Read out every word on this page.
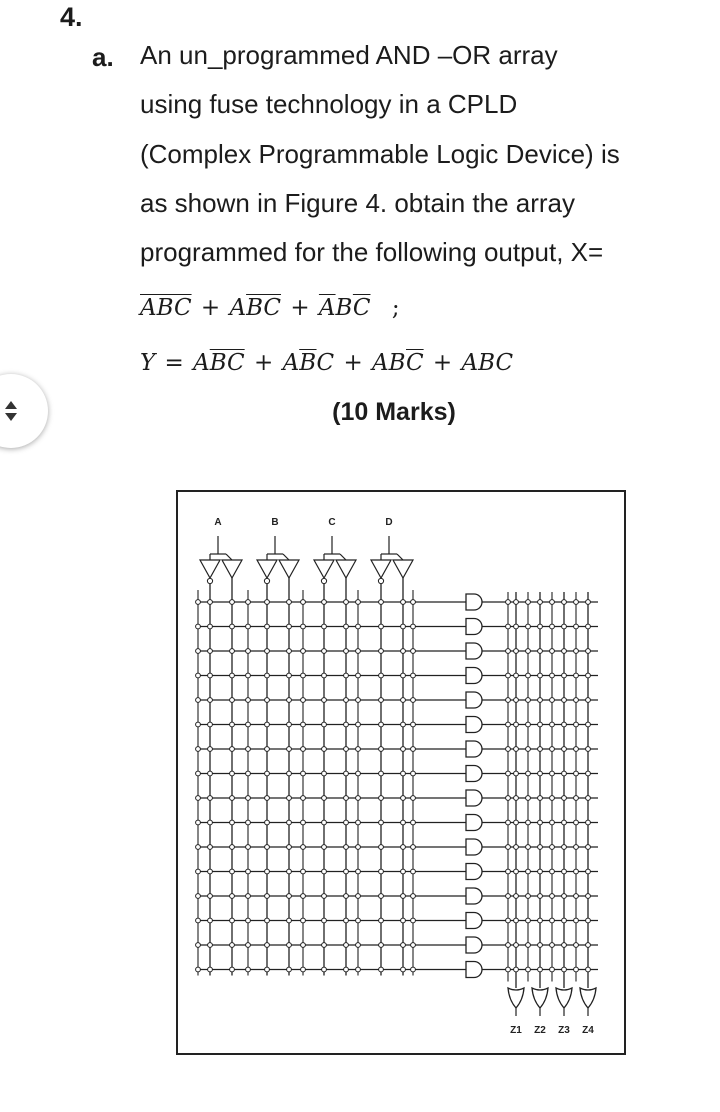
4.
a. An un_programmed AND –OR array
using fuse technology in a CPLD
(Complex Programmable Logic Device) is
as shown in Figure 4. obtain the array
programmed for the following output, X=
$\overline{ABC} + A\overline{BC} + \overline{A}B\overline{C}$ ;
$Y = A\overline{BC} + A\overline{B}C + AB\overline{C}$ + ABC
(10 Marks)
A	B	C	D
Z1 Z2 Z3 Z4
